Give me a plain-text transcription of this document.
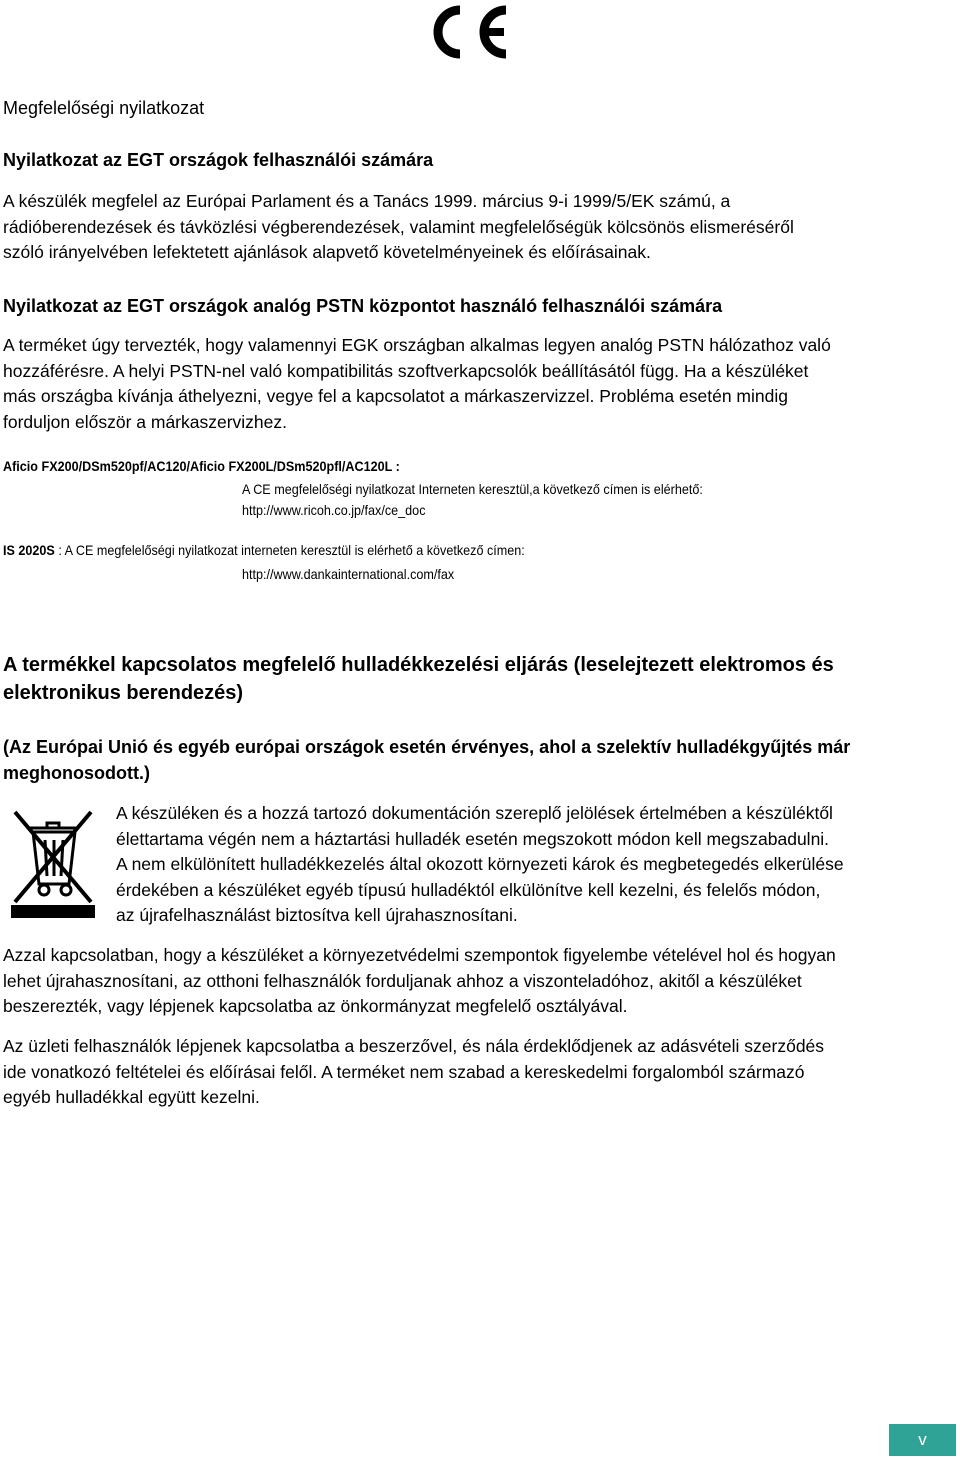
Megfelelőségi nyilatkozat
Nyilatkozat az EGT országok felhasználói számára
A készülék megfelel az Európai Parlament és a Tanács 1999. március 9-i 1999/5/EK számú, a
rádióberendezések és távközlési végberendezések, valamint megfelelőségük kölcsönös elismeréséről
szóló irányelvében lefektetett ajánlások alapvető követelményeinek és előírásainak.
Nyilatkozat az EGT országok analóg PSTN központot használó felhasználói számára
A terméket úgy tervezték, hogy valamennyi EGK országban alkalmas legyen analóg PSTN hálózathoz való
hozzáférésre. A helyi PSTN-nel való kompatibilitás szoftverkapcsolók beállításától függ. Ha a készüléket
más országba kívánja áthelyezni, vegye fel a kapcsolatot a márkaszervizzel. Probléma esetén mindig
forduljon először a márkaszervizhez.
Aficio FX200/DSm520pf/AC120/Aficio FX200L/DSm520pfl/AC120L :
A CE megfelelőségi nyilatkozat Interneten keresztül,a következő címen is elérhető:
http://www.ricoh.co.jp/fax/ce_doc
IS 2020S : A CE megfelelőségi nyilatkozat interneten keresztül is elérhető a következő címen:
http://www.dankainternational.com/fax
A termékkel kapcsolatos megfelelő hulladékkezelési eljárás (leselejtezett elektromos és
elektronikus berendezés)
(Az Európai Unió és egyéb európai országok esetén érvényes, ahol a szelektív hulladékgyűjtés már
meghonosodott.)
A készüléken és a hozzá tartozó dokumentáción szereplő jelölések értelmében a készüléktől
élettartama végén nem a háztartási hulladék esetén megszokott módon kell megszabadulni.
A nem elkülönített hulladékkezelés által okozott környezeti károk és megbetegedés elkerülése
érdekében a készüléket egyéb típusú hulladéktól elkülönítve kell kezelni, és felelős módon,
az újrafelhasználást biztosítva kell újrahasznosítani.
Azzal kapcsolatban, hogy a készüléket a környezetvédelmi szempontok figyelembe vételével hol és hogyan
lehet újrahasznosítani, az otthoni felhasználók forduljanak ahhoz a viszonteladóhoz, akitől a készüléket
beszerezték, vagy lépjenek kapcsolatba az önkormányzat megfelelő osztályával.
Az üzleti felhasználók lépjenek kapcsolatba a beszerzővel, és nála érdeklődjenek az adásvételi szerződés
ide vonatkozó feltételei és előírásai felől. A terméket nem szabad a kereskedelmi forgalomból származó
egyéb hulladékkal együtt kezelni.
v
